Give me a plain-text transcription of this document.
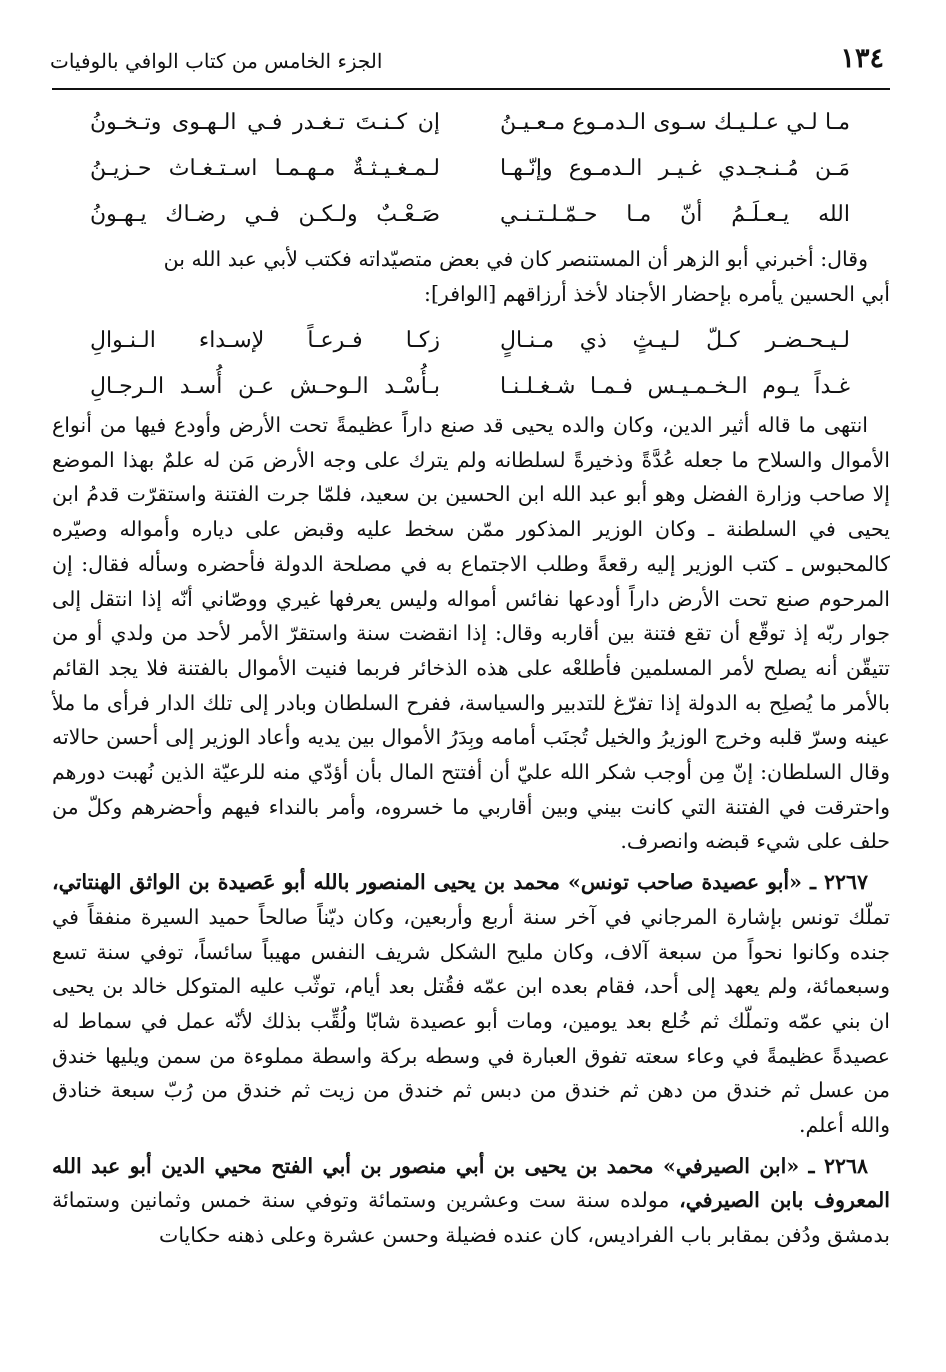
١٣٤
الجزء الخامس من كتاب الوافي بالوفيات
مـا لـي عـلـيـك سـوى الـدمـوع مـعـيـنُ
إن كـنـتَ تـغـدر فـي الـهـوى وتـخـونُ
مَـن مُـنـجـدي غـيـر الـدمـوع وإنّـهـا
لـمـغـيـثـةٌ مـهـمـا اسـتـغـاث حـزيـنُ
الله يـعـلَـمُ أنّ مـا حـمّـلـتـنـي
صَـعْـبٌ ولـكـن فـي رضـاك يـهـونُ

وقال: أخبرني أبو الزهر أن المستنصر كان في بعض متصيّداته فكتب لأبي عبد الله بن

أبي الحسين يأمره بإحضار الأجناد لأخذ أرزاقهم [الوافر]:

لـيـحـضـر كـلّ لـيـثٍ ذي مـنـالٍ
زكـا فـرعـاً لإسـداء الـنـوالِ
غـداً يـوم الـخـمـيـس فـمـا شـغـلـنـا
بـأُسْـد الـوحـش عـن أُسـد الـرجـالِ

انتهى ما قاله أثير الدين، وكان والده يحيى قد صنع داراً عظيمةً تحت الأرض وأودع فيها من أنواع الأموال والسلاح ما جعله عُدَّةً وذخيرةً لسلطانه ولم يترك على وجه الأرض مَن له علمٌ بهذا الموضع إلا صاحب وزارة الفضل وهو أبو عبد الله ابن الحسين بن سعيد، فلمّا جرت الفتنة واستقرّت قدمُ ابن يحيى في السلطنة ـ وكان الوزير المذكور ممّن سخط عليه وقبض على دياره وأمواله وصيّره كالمحبوس ـ كتب الوزير إليه رقعةً وطلب الاجتماع به في مصلحة الدولة فأحضره وسأله فقال: إن المرحوم صنع تحت الأرض داراً أودعها نفائس أمواله وليس يعرفها غيري ووصّاني أنّه إذا انتقل إلى جوار ربّه إذ توقّع أن تقع فتنة بين أقاربه وقال: إذا انقضت سنة واستقرّ الأمر لأحد من ولدي أو من تتيقّن أنه يصلح لأمر المسلمين فأطلعْه على هذه الذخائر فربما فنيت الأموال بالفتنة فلا يجد القائم بالأمر ما يُصلِح به الدولة إذا تفرّغ للتدبير والسياسة، ففرح السلطان وبادر إلى تلك الدار فرأى ما ملأ عينه وسرّ قلبه وخرج الوزيرُ والخيل تُجنَب أمامه وبِدَرُ الأموال بين يديه وأعاد الوزير إلى أحسن حالاته وقال السلطان: إنّ مِن أوجب شكر الله عليّ أن أفتتح المال بأن أؤدّي منه للرعيّة الذين نُهبت دورهم واحترقت في الفتنة التي كانت بيني وبين أقاربي ما خسروه، وأمر بالنداء فيهم وأحضرهم وكلّ من حلف على شيء قبضه وانصرف.

٢٢٦٧ ـ «أبو عصيدة صاحب تونس» محمد بن يحيى المنصور بالله أبو عَصيدة بن الواثق الهنتاتي، تملّك تونس بإشارة المرجاني في آخر سنة أربع وأربعين، وكان ديّناً صالحاً حميد السيرة منفقاً في جنده وكانوا نحواً من سبعة آلاف، وكان مليح الشكل شريف النفس مهيباً سائساً، توفي سنة تسع وسبعمائة، ولم يعهد إلى أحد، فقام بعده ابن عمّه فقُتل بعد أيام، توثّب عليه المتوكل خالد بن يحيى ان بني عمّه وتملّك ثم خُلع بعد يومين، ومات أبو عصيدة شابّا ولُقِّب بذلك لأنّه عمل في سماط له عصيدةً عظيمةً في وعاء سعته تفوق العبارة في وسطه بركة واسطة مملوءة من سمن ويليها خندق من عسل ثم خندق من دهن ثم خندق من دبس ثم خندق من زيت ثم خندق من رُبّ سبعة خنادق والله أعلم.

٢٢٦٨ ـ «ابن الصيرفي» محمد بن يحيى بن أبي منصور بن أبي الفتح محيي الدين أبو عبد الله المعروف بابن الصيرفي، مولده سنة ست وعشرين وستمائة وتوفي سنة خمس وثمانين وستمائة بدمشق ودُفن بمقابر باب الفراديس، كان عنده فضيلة وحسن عشرة وعلى ذهنه حكايات
